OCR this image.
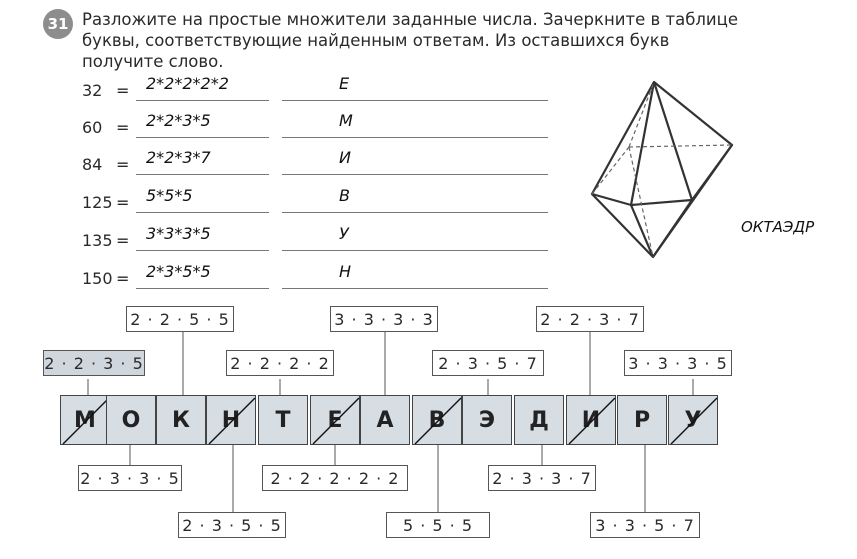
31 Разложите на простые множители заданные числа. Зачеркните в таблице буквы, соответствующие найденным ответам. Из оставшихся букв получите слово.

32 = 2*2*2*2*2	Е
60 = 2*2*3*5	М
84 = 2*2*3*7	И
125 = 5*5*5	В
135 = 3*3*3*5	У
150 = 2*3*5*5	Н
ОКТАЭДР
2 · 2 · 5 · 5	3 · 3 · 3 · 3	2 · 2 · 3 · 7
2 · 2 · 3 · 5	2 · 2 · 2 · 2	2 · 3 · 5 · 7	3 · 3 · 3 · 5
М О К Н Т Е А В Э Д И Р У
2 · 3 · 3 · 5	2 · 2 · 2 · 2 · 2	2 · 3 · 3 · 7
2 · 3 · 5 · 5	5 · 5 · 5	3 · 3 · 5 · 7
